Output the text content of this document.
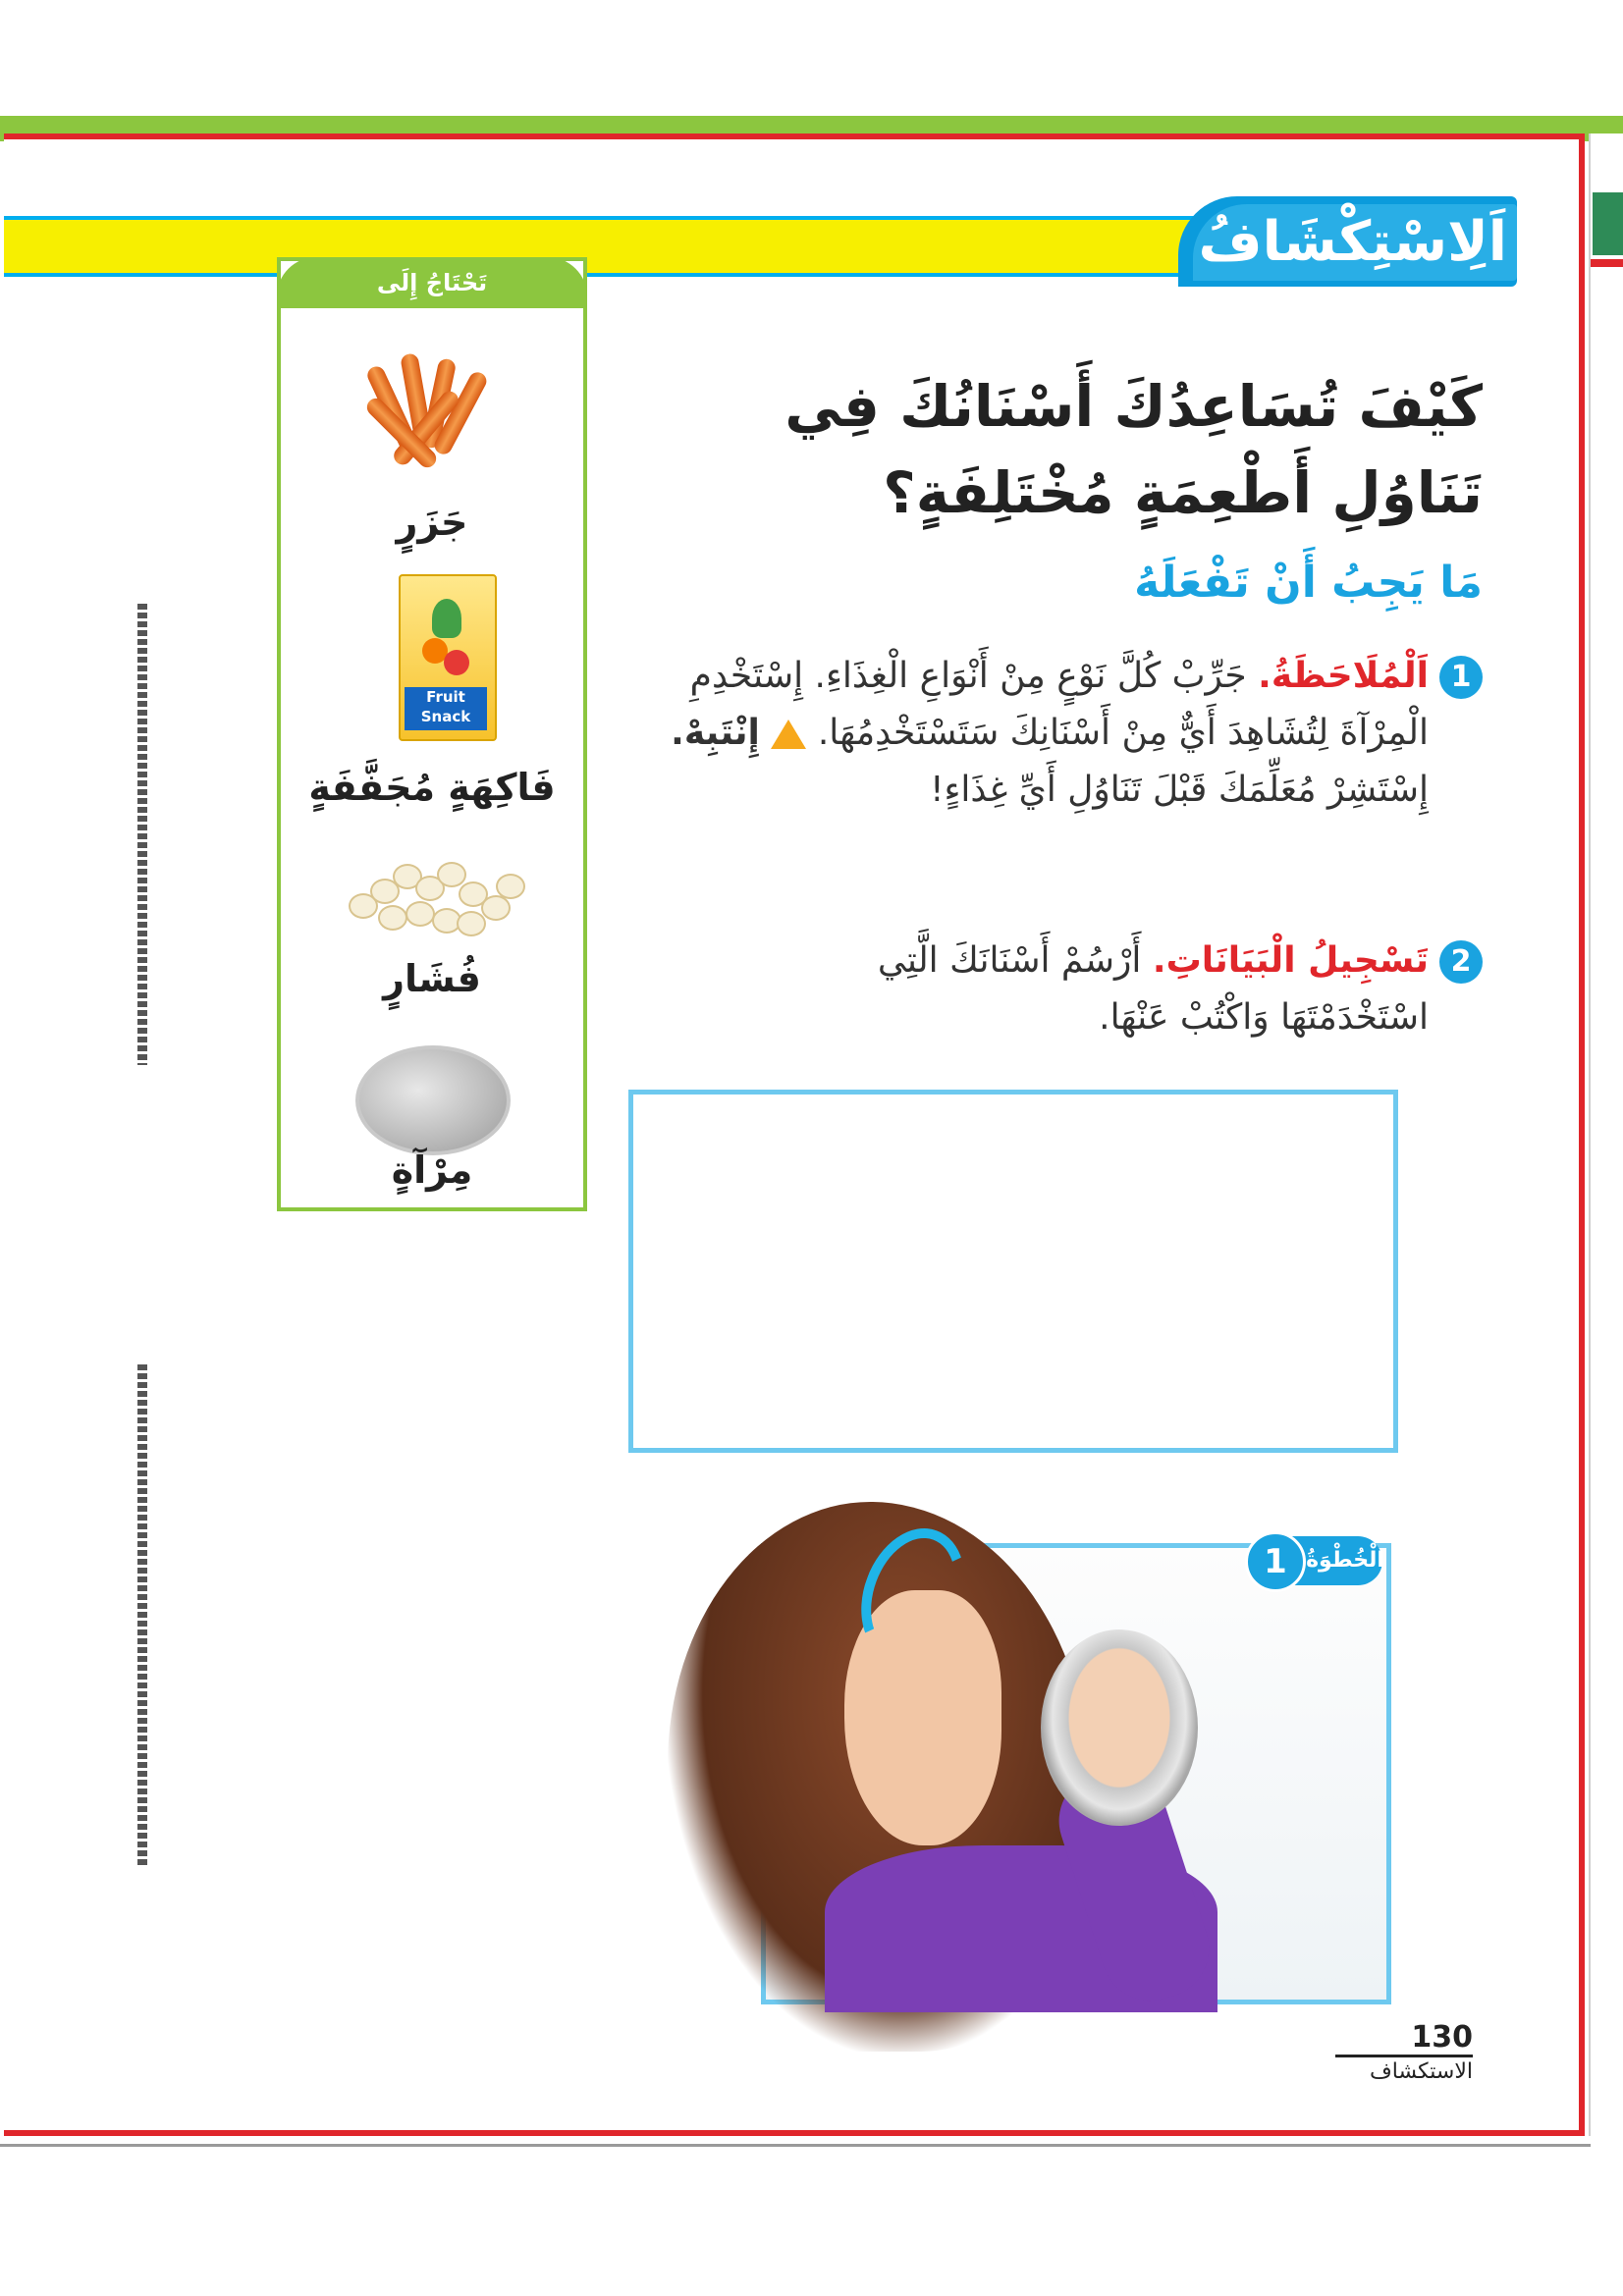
اَلِاسْتِكْشَافُ
تَحْتَاجُ إِلَى
جَزَرٍ
Fruit Snack
فَاكِهَةٍ مُجَفَّفَةٍ
فُشَارٍ
مِرْآةٍ
كَيْفَ تُسَاعِدُكَ أَسْنَانُكَ فِي تَنَاوُلِ أَطْعِمَةٍ مُخْتَلِفَةٍ؟
مَا يَجِبُ أَنْ تَفْعَلَهُ
1
اَلْمُلَاحَظَةُ. جَرِّبْ كُلَّ نَوْعٍ مِنْ أَنْوَاعِ الْغِذَاءِ. إِسْتَخْدِمِ الْمِرْآةَ لِتُشَاهِدَ أَيٌّ مِنْ أَسْنَانِكَ سَتَسْتَخْدِمُهَا.  إِنْتَبِهْ. إِسْتَشِرْ مُعَلِّمَكَ قَبْلَ تَنَاوُلِ أَيِّ غِذَاءٍ!
2
تَسْجِيلُ الْبَيَانَاتِ. أَرْسُمْ أَسْنَانَكَ الَّتِي اسْتَخْدَمْتَهَا وَاكْتُبْ عَنْهَا.
الْخُطْوَةُ
1
130
الاستكشاف
